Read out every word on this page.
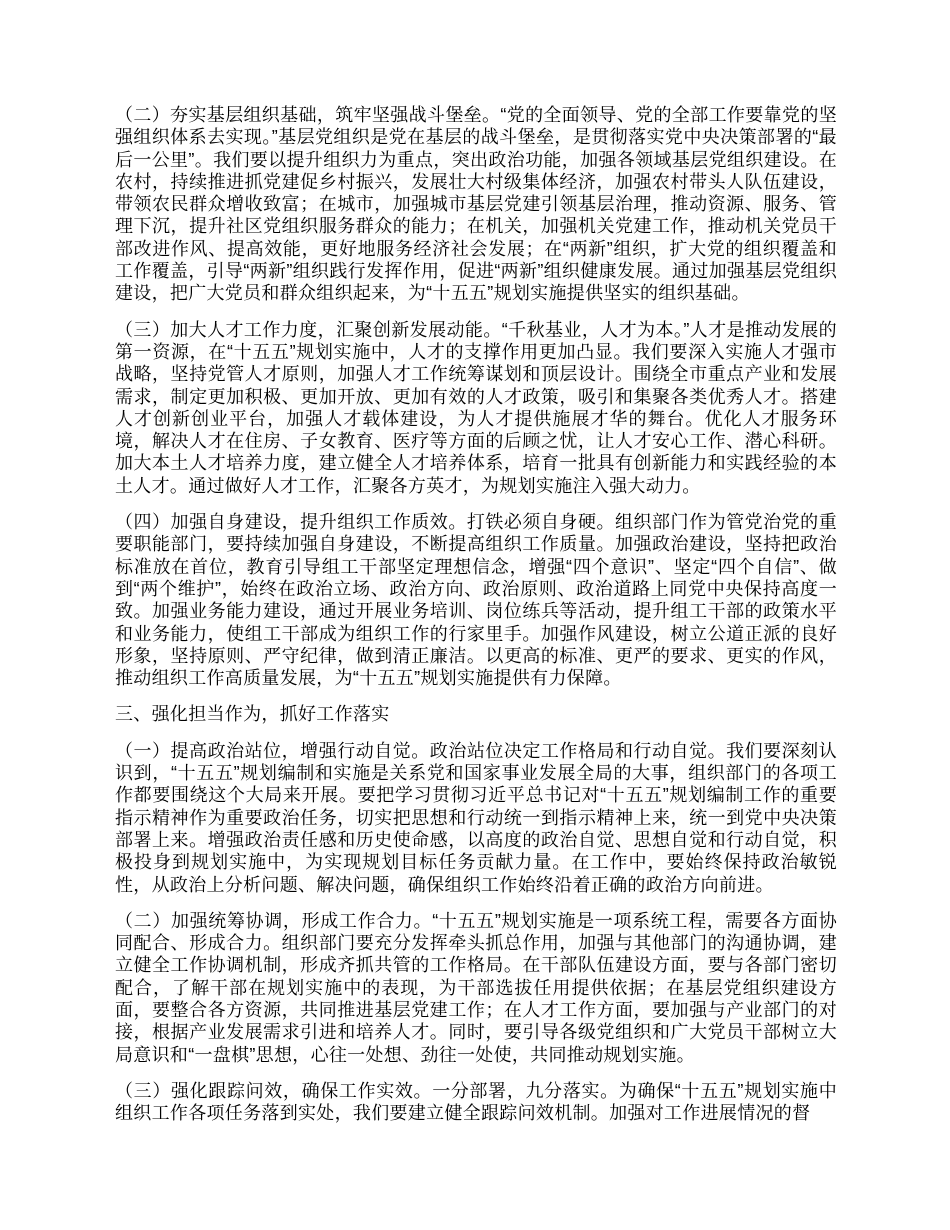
（二）夯实基层组织基础，筑牢坚强战斗堡垒。“党的全面领导、党的全部工作要靠党的坚强组织体系去实现。”基层党组织是党在基层的战斗堡垒，是贯彻落实党中央决策部署的“最后一公里”。我们要以提升组织力为重点，突出政治功能，加强各领域基层党组织建设。在农村，持续推进抓党建促乡村振兴，发展壮大村级集体经济，加强农村带头人队伍建设，带领农民群众增收致富；在城市，加强城市基层党建引领基层治理，推动资源、服务、管理下沉，提升社区党组织服务群众的能力；在机关，加强机关党建工作，推动机关党员干部改进作风、提高效能，更好地服务经济社会发展；在“两新”组织，扩大党的组织覆盖和工作覆盖，引导“两新”组织践行发挥作用，促进“两新”组织健康发展。通过加强基层党组织建设，把广大党员和群众组织起来，为“十五五”规划实施提供坚实的组织基础。

（三）加大人才工作力度，汇聚创新发展动能。“千秋基业，人才为本。”人才是推动发展的第一资源，在“十五五”规划实施中，人才的支撑作用更加凸显。我们要深入实施人才强市战略，坚持党管人才原则，加强人才工作统筹谋划和顶层设计。围绕全市重点产业和发展需求，制定更加积极、更加开放、更加有效的人才政策，吸引和集聚各类优秀人才。搭建人才创新创业平台，加强人才载体建设，为人才提供施展才华的舞台。优化人才服务环境，解决人才在住房、子女教育、医疗等方面的后顾之忧，让人才安心工作、潜心科研。加大本土人才培养力度，建立健全人才培养体系，培育一批具有创新能力和实践经验的本土人才。通过做好人才工作，汇聚各方英才，为规划实施注入强大动力。

（四）加强自身建设，提升组织工作质效。打铁必须自身硬。组织部门作为管党治党的重要职能部门，要持续加强自身建设，不断提高组织工作质量。加强政治建设，坚持把政治标准放在首位，教育引导组工干部坚定理想信念，增强“四个意识”、坚定“四个自信”、做到“两个维护”，始终在政治立场、政治方向、政治原则、政治道路上同党中央保持高度一致。加强业务能力建设，通过开展业务培训、岗位练兵等活动，提升组工干部的政策水平和业务能力，使组工干部成为组织工作的行家里手。加强作风建设，树立公道正派的良好形象，坚持原则、严守纪律，做到清正廉洁。以更高的标准、更严的要求、更实的作风，推动组织工作高质量发展，为“十五五”规划实施提供有力保障。

三、强化担当作为，抓好工作落实

（一）提高政治站位，增强行动自觉。政治站位决定工作格局和行动自觉。我们要深刻认识到，“十五五”规划编制和实施是关系党和国家事业发展全局的大事，组织部门的各项工作都要围绕这个大局来开展。要把学习贯彻习近平总书记对“十五五”规划编制工作的重要指示精神作为重要政治任务，切实把思想和行动统一到指示精神上来，统一到党中央决策部署上来。增强政治责任感和历史使命感，以高度的政治自觉、思想自觉和行动自觉，积极投身到规划实施中，为实现规划目标任务贡献力量。在工作中，要始终保持政治敏锐性，从政治上分析问题、解决问题，确保组织工作始终沿着正确的政治方向前进。

（二）加强统筹协调，形成工作合力。“十五五”规划实施是一项系统工程，需要各方面协同配合、形成合力。组织部门要充分发挥牵头抓总作用，加强与其他部门的沟通协调，建立健全工作协调机制，形成齐抓共管的工作格局。在干部队伍建设方面，要与各部门密切配合，了解干部在规划实施中的表现，为干部选拔任用提供依据；在基层党组织建设方面，要整合各方资源，共同推进基层党建工作；在人才工作方面，要加强与产业部门的对接，根据产业发展需求引进和培养人才。同时，要引导各级党组织和广大党员干部树立大局意识和“一盘棋”思想，心往一处想、劲往一处使，共同推动规划实施。

（三）强化跟踪问效，确保工作实效。一分部署，九分落实。为确保“十五五”规划实施中组织工作各项任务落到实处，我们要建立健全跟踪问效机制。加强对工作进展情况的督
